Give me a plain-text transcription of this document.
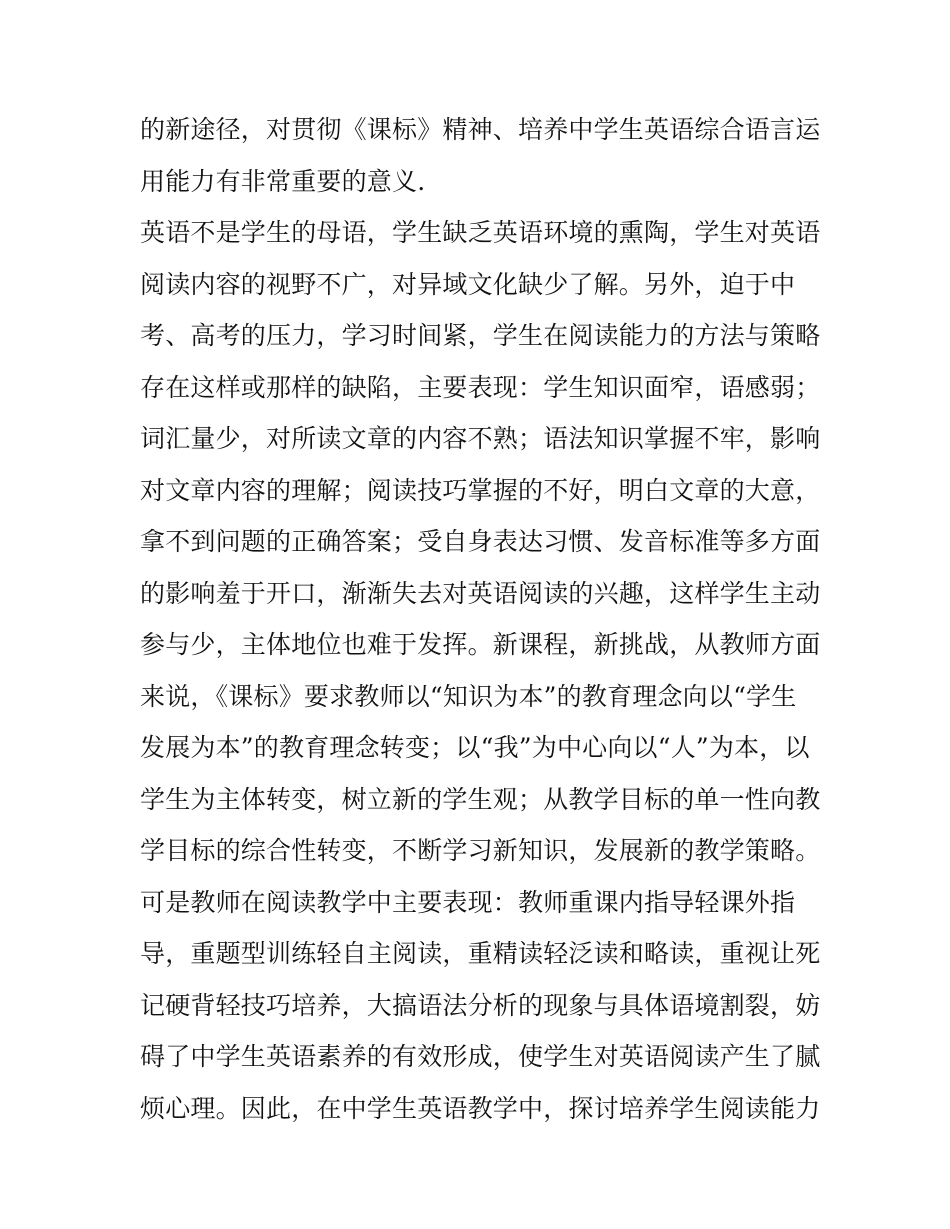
的新途径，对贯彻《课标》精神、培养中学生英语综合语言运
用能力有非常重要的意义.
英语不是学生的母语，学生缺乏英语环境的熏陶，学生对英语
阅读内容的视野不广，对异域文化缺少了解。另外，迫于中
考、高考的压力，学习时间紧，学生在阅读能力的方法与策略
存在这样或那样的缺陷，主要表现：学生知识面窄，语感弱；
词汇量少，对所读文章的内容不熟；语法知识掌握不牢，影响
对文章内容的理解；阅读技巧掌握的不好，明白文章的大意，
拿不到问题的正确答案；受自身表达习惯、发音标准等多方面
的影响羞于开口，渐渐失去对英语阅读的兴趣，这样学生主动
参与少，主体地位也难于发挥。新课程，新挑战，从教师方面
来说，《课标》要求教师以“知识为本”的教育理念向以“学生
发展为本”的教育理念转变；以“我”为中心向以“人”为本，以
学生为主体转变，树立新的学生观；从教学目标的单一性向教
学目标的综合性转变，不断学习新知识，发展新的教学策略。
可是教师在阅读教学中主要表现：教师重课内指导轻课外指
导，重题型训练轻自主阅读，重精读轻泛读和略读，重视让死
记硬背轻技巧培养，大搞语法分析的现象与具体语境割裂，妨
碍了中学生英语素养的有效形成，使学生对英语阅读产生了腻
烦心理。因此，在中学生英语教学中，探讨培养学生阅读能力
